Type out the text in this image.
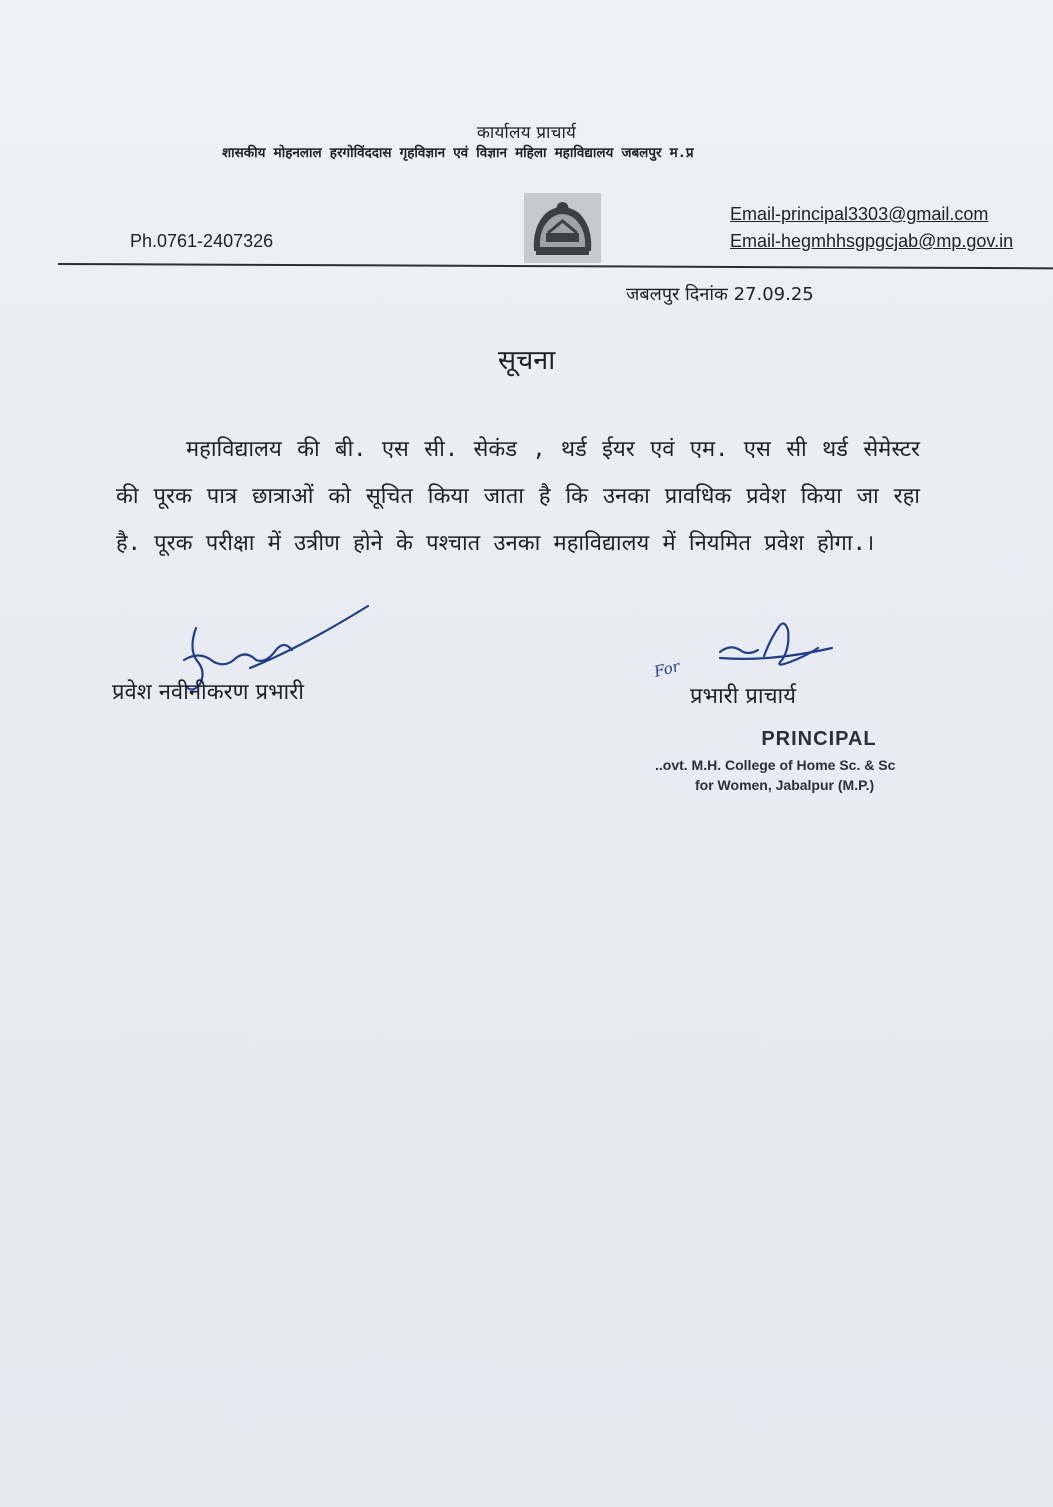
कार्यालय प्राचार्य
शासकीय मोहनलाल हरगोविंददास गृहविज्ञान एवं विज्ञान महिला महाविद्यालय जबलपुर म.प्र
Ph.0761-2407326
Email-principal3303@gmail.com
Email-hegmhhsgpgcjab@mp.gov.in
जबलपुर दिनांक 27.09.25
सूचना
महाविद्यालय की बी. एस सी. सेकंड , थर्ड ईयर एवं एम. एस सी थर्ड सेमेस्टर की पूरक पात्र छात्राओं को सूचित किया जाता है कि उनका प्रावधिक प्रवेश किया जा रहा है. पूरक परीक्षा में उत्रीण होने के पश्चात उनका महाविद्यालय में नियमित प्रवेश होगा.।
For
प्रवेश नवीनीकरण प्रभारी	प्रभारी प्राचार्य
PRINCIPAL
..ovt. M.H. College of Home Sc. & Sc
for Women, Jabalpur (M.P.)
